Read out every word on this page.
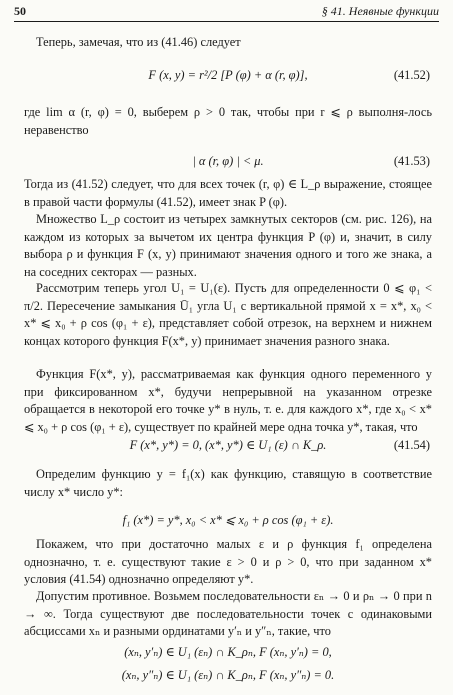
50	§ 41. Неявные функции

Теперь, замечая, что из (41.46) следует

F (x, y) = r²/2 [P (φ) + α (r, φ)],	(41.52)

где lim α (r, φ) = 0, выберем ρ > 0 так, чтобы при r ⩽ ρ выполня-лось неравенство

| α (r, φ) | < μ.	(41.53)

Тогда из (41.52) следует, что для всех точек (r, φ) ∈ L_ρ выражение, стоящее в правой части формулы (41.52), имеет знак P (φ).

Множество L_ρ состоит из четырех замкнутых секторов (см. рис. 126), на каждом из которых за вычетом их центра функция P (φ) и, значит, в силу выбора ρ и функция F (x, y) принимают значения одного и того же знака, а на соседних секторах — разных.

Рассмотрим теперь угол U₁ = U₁(ε). Пусть для определенности 0 ⩽ φ₁ < π/2. Пересечение замыкания Ū₁ угла U₁ с вертикальной прямой x = x*, x₀ < x* ⩽ x₀ + ρ cos (φ₁ + ε), представляет собой отрезок, на верхнем и нижнем концах которого функция F(x*, y) принимает значения разного знака.

Функция F(x*, y), рассматриваемая как функция одного переменного y при фиксированном x*, будучи непрерывной на указанном отрезке обращается в некоторой его точке y* в нуль, т. е. для каждого x*, где x₀ < x* ⩽ x₀ + ρ cos (φ₁ + ε), существует по крайней мере одна точка y*, такая, что

F (x*, y*) = 0, (x*, y*) ∈ U₁ (ε) ∩ K_ρ.	(41.54)

Определим функцию y = f₁(x) как функцию, ставящую в соответствие числу x* число y*:

f₁ (x*) = y*, x₀ < x* ⩽ x₀ + ρ cos (φ₁ + ε).

Покажем, что при достаточно малых ε и ρ функция f₁ определена однозначно, т. е. существуют такие ε > 0 и ρ > 0, что при заданном x* условия (41.54) однозначно определяют y*.

Допустим противное. Возьмем последовательности εₙ → 0 и ρₙ → 0 при n → ∞. Тогда существуют две последовательности точек с одинаковыми абсциссами xₙ и разными ординатами y′ₙ и y″ₙ, такие, что

(xₙ, y′ₙ) ∈ U₁ (εₙ) ∩ K_ρₙ, F (xₙ, y′ₙ) = 0,
(xₙ, y″ₙ) ∈ U₁ (εₙ) ∩ K_ρₙ, F (xₙ, y″ₙ) = 0.
